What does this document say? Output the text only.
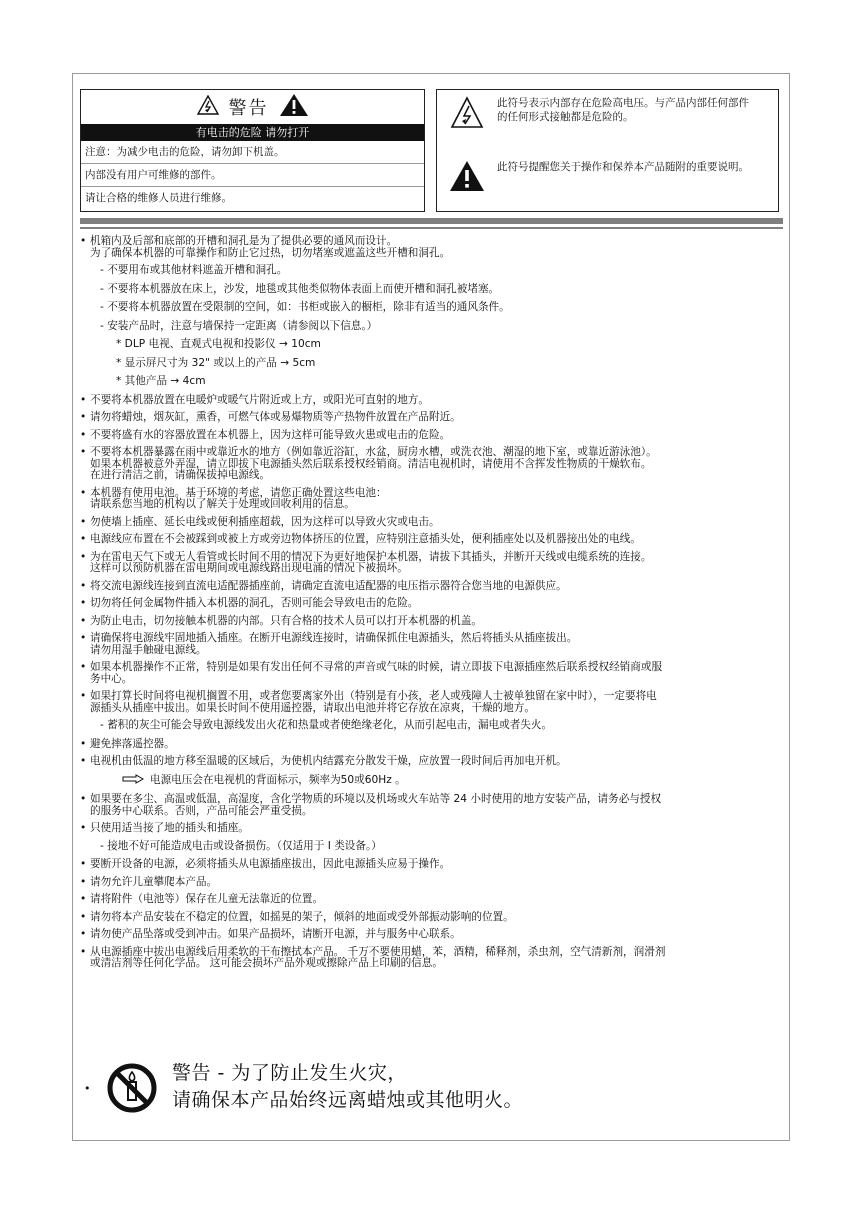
警告
有电击的危险 请勿打开
注意：为减少电击的危险，请勿卸下机盖。
内部没有用户可维修的部件。
请让合格的维修人员进行维修。
此符号表示内部存在危险高电压。与产品内部任何部件的任何形式接触都是危险的。
此符号提醒您关于操作和保养本产品随附的重要说明。
• 机箱内及后部和底部的开槽和洞孔是为了提供必要的通风而设计。
为了确保本机器的可靠操作和防止它过热，切勿堵塞或遮盖这些开槽和洞孔。
- 不要用布或其他材料遮盖开槽和洞孔。
- 不要将本机器放在床上，沙发，地毯或其他类似物体表面上而使开槽和洞孔被堵塞。
- 不要将本机器放置在受限制的空间，如：书柜或嵌入的橱柜，除非有适当的通风条件。
- 安装产品时，注意与墙保持一定距离（请参阅以下信息。）
* DLP 电视、直观式电视和投影仪 → 10cm
* 显示屏尺寸为 32" 或以上的产品 → 5cm
* 其他产品 → 4cm
• 不要将本机器放置在电暖炉或暖气片附近或上方，或阳光可直射的地方。
• 请勿将蜡烛，烟灰缸，熏香，可燃气体或易爆物质等产热物件放置在产品附近。
• 不要将盛有水的容器放置在本机器上，因为这样可能导致火患或电击的危险。
• 不要将本机器暴露在雨中或靠近水的地方（例如靠近浴缸，水盆，厨房水槽，或洗衣池、潮湿的地下室，或靠近游泳池）。
如果本机器被意外弄湿，请立即拔下电源插头然后联系授权经销商。清洁电视机时，请使用不含挥发性物质的干燥软布。
在进行清洁之前，请确保拔掉电源线。
• 本机器有使用电池。基于环境的考虑，请您正确处置这些电池：
请联系您当地的机构以了解关于处理或回收利用的信息。
• 勿使墙上插座、延长电线或便利插座超载，因为这样可以导致火灾或电击。
• 电源线应布置在不会被踩到或被上方或旁边物体挤压的位置，应特别注意插头处，便利插座处以及机器接出处的电线。
• 为在雷电天气下或无人看管或长时间不用的情况下为更好地保护本机器，请拔下其插头，并断开天线或电缆系统的连接。
这样可以预防机器在雷电期间或电源线路出现电涌的情况下被损坏。
• 将交流电源线连接到直流电适配器插座前，请确定直流电适配器的电压指示器符合您当地的电源供应。
• 切勿将任何金属物件插入本机器的洞孔，否则可能会导致电击的危险。
• 为防止电击，切勿接触本机器的内部。只有合格的技术人员可以打开本机器的机盖。
• 请确保将电源线牢固地插入插座。在断开电源线连接时，请确保抓住电源插头，然后将插头从插座拔出。
请勿用湿手触碰电源线。
• 如果本机器操作不正常，特别是如果有发出任何不寻常的声音或气味的时候，请立即拔下电源插座然后联系授权经销商或服
务中心。
• 如果打算长时间将电视机搁置不用，或者您要离家外出（特别是有小孩，老人或残障人士被单独留在家中时），一定要将电
源插头从插座中拔出。如果长时间不使用遥控器，请取出电池并将它存放在凉爽，干燥的地方。
- 蓄积的灰尘可能会导致电源线发出火花和热量或者使绝缘老化，从而引起电击，漏电或者失火。
• 避免摔落遥控器。
• 电视机由低温的地方移至温暖的区域后，为使机内结露充分散发干燥，应放置一段时间后再加电开机。
电源电压会在电视机的背面标示，频率为50或60Hz 。
• 如果要在多尘、高温或低温，高湿度，含化学物质的环境以及机场或火车站等 24 小时使用的地方安装产品，请务必与授权
的服务中心联系。否则，产品可能会严重受损。
• 只使用适当接了地的插头和插座。
- 接地不好可能造成电击或设备损伤。（仅适用于 Ⅰ 类设备。）
• 要断开设备的电源，必须将插头从电源插座拔出，因此电源插头应易于操作。
• 请勿允许儿童攀爬本产品。
• 请将附件（电池等）保存在儿童无法靠近的位置。
• 请勿将本产品安装在不稳定的位置，如摇晃的架子，倾斜的地面或受外部振动影响的位置。
• 请勿使产品坠落或受到冲击。如果产品损坏，请断开电源，并与服务中心联系。
• 从电源插座中拔出电源线后用柔软的干布擦拭本产品。 千万不要使用蜡，苯，酒精，稀释剂，杀虫剂，空气清新剂，润滑剂
或清洁剂等任何化学品。 这可能会损坏产品外观或擦除产品上印刷的信息。
•
警告 - 为了防止发生火灾，
请确保本产品始终远离蜡烛或其他明火。
